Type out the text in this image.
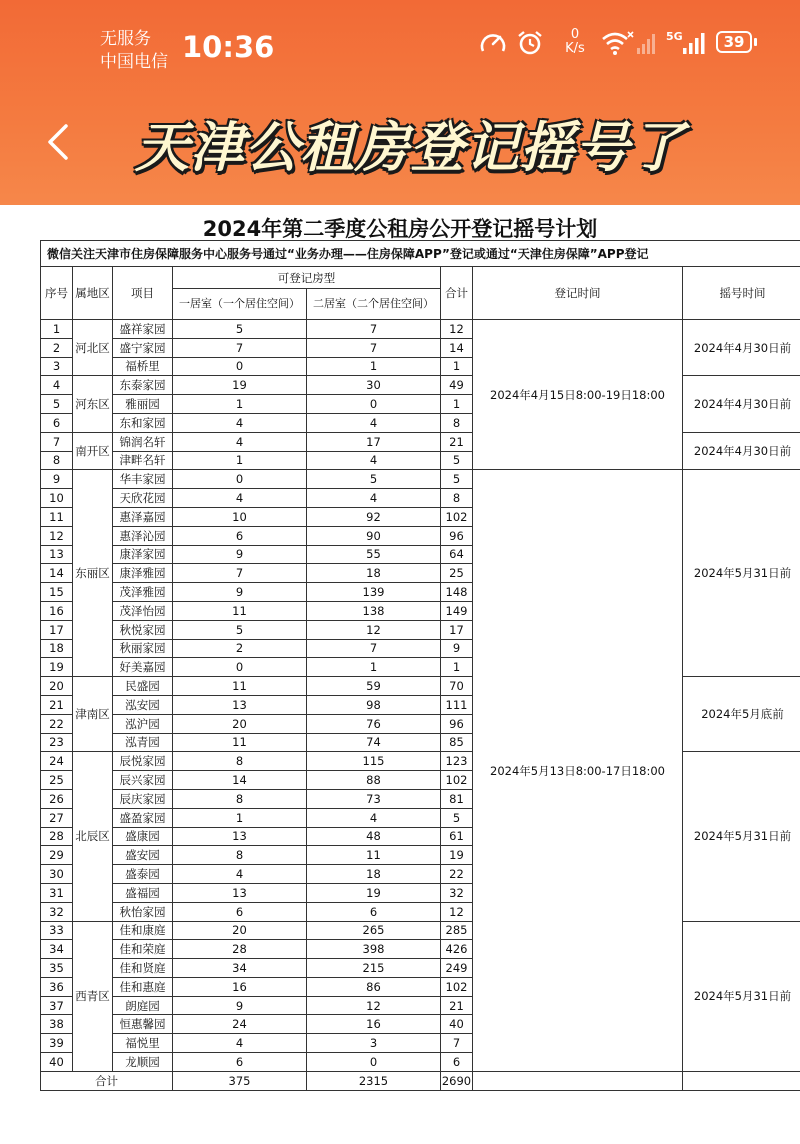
无服务
中国电信 10:36	0
K/s
5G	39
天津公租房登记摇号了
2024年第二季度公租房公开登记摇号计划
微信关注天津市住房保障服务中心服务号通过“业务办理——住房保障APP”登记或通过“天津住房保障”APP登记							
序号	属地区	项目	可登记房型		合计	登记时间	摇号时间
			一居室（一个居住空间）	二居室（二个居住空间）			
1	河北区	盛祥家园	5	7	12	2024年4月15日8:00-19日18:00	2024年4月30日前
2		盛宁家园	7	7	14		
3		福桥里	0	1	1		
4	河东区	东泰家园	19	30	49		2024年4月30日前
5		雅丽园	1	0	1		
6		东和家园	4	4	8		
7	南开区	锦润名轩	4	17	21		2024年4月30日前
8		津畔名轩	1	4	5		
9	东丽区	华丰家园	0	5	5	2024年5月13日8:00-17日18:00	2024年5月31日前
10		天欣花园	4	4	8		
11		惠泽嘉园	10	92	102		
12		惠泽沁园	6	90	96		
13		康泽家园	9	55	64		
14		康泽雅园	7	18	25		
15		茂泽雅园	9	139	148		
16		茂泽怡园	11	138	149		
17		秋悦家园	5	12	17		
18		秋丽家园	2	7	9		
19		好美嘉园	0	1	1		
20	津南区	民盛园	11	59	70		2024年5月底前
21		泓安园	13	98	111		
22		泓沪园	20	76	96		
23		泓青园	11	74	85		
24	北辰区	辰悦家园	8	115	123		2024年5月31日前
25		辰兴家园	14	88	102		
26		辰庆家园	8	73	81		
27		盛盈家园	1	4	5		
28		盛康园	13	48	61		
29		盛安园	8	11	19		
30		盛泰园	4	18	22		
31		盛福园	13	19	32		
32		秋怡家园	6	6	12		
33	西青区	佳和康庭	20	265	285		2024年5月31日前
34		佳和荣庭	28	398	426		
35		佳和贤庭	34	215	249		
36		佳和惠庭	16	86	102		
37		朗庭园	9	12	21		
38		恒惠馨园	24	16	40		
39		福悦里	4	3	7		
40		龙顺园	6	0	6		
合计			375	2315	2690		
